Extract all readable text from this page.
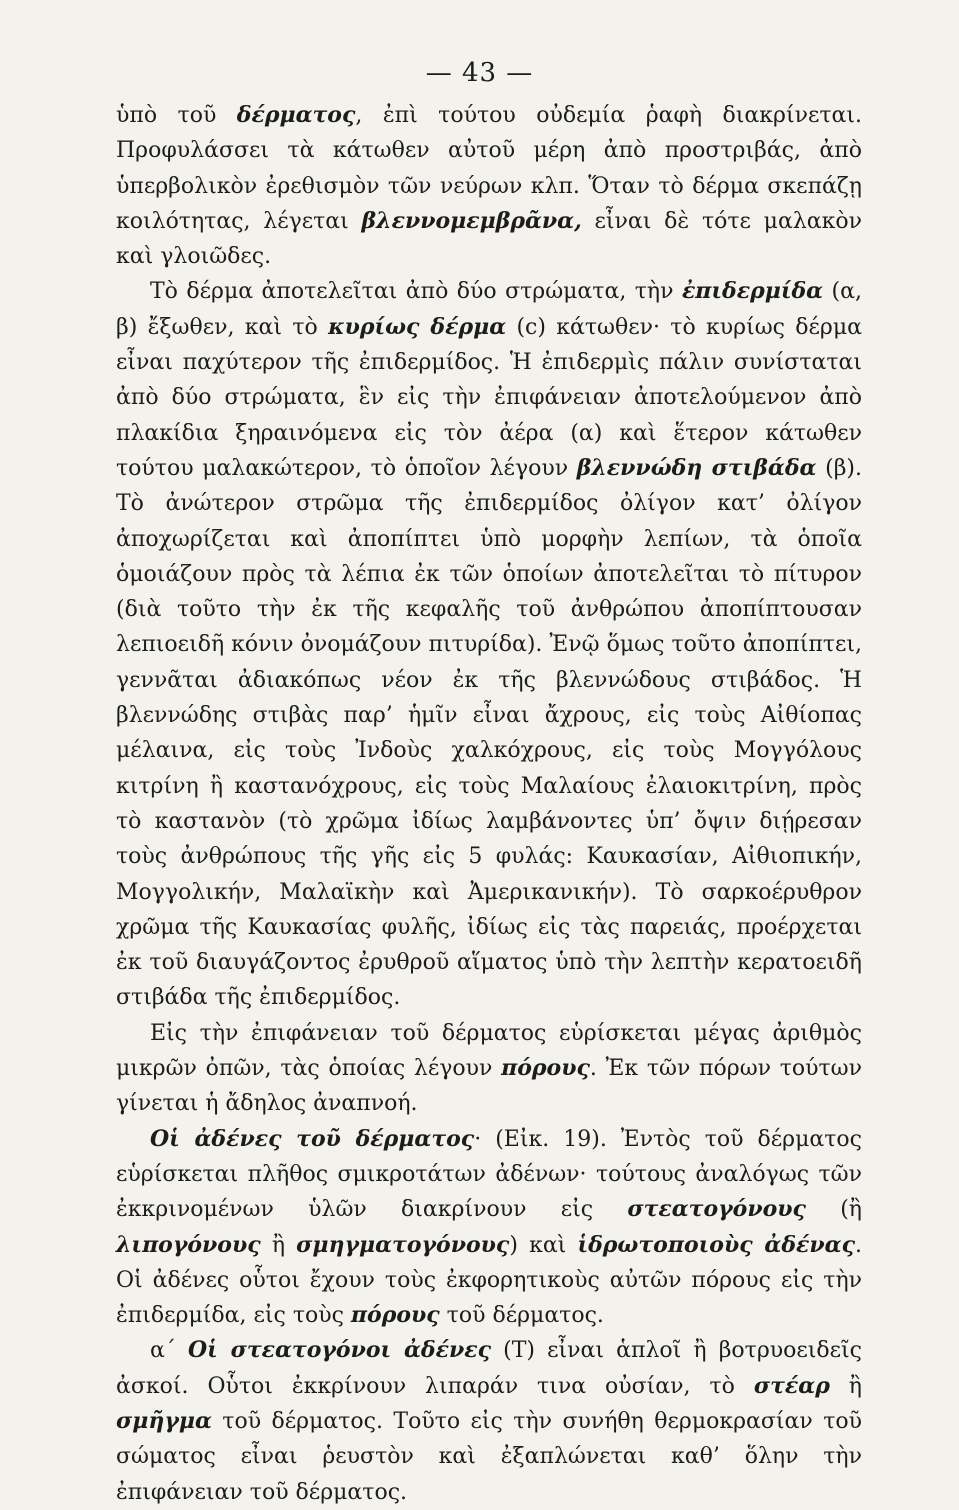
— 43 —

ὑπὸ τοῦ δέρματος, ἐπὶ τούτου οὐδεμία ῥαφὴ διακρίνεται. Προφυλάσσει τὰ κάτωθεν αὐτοῦ μέρη ἀπὸ προστριβάς, ἀπὸ ὑπερβολικὸν ἐρεθισμὸν τῶν νεύρων κλπ. Ὅταν τὸ δέρμα σκεπάζῃ κοιλότητας, λέγεται βλεννομεμβρᾶνα, εἶναι δὲ τότε μαλακὸν καὶ γλοιῶδες.

Τὸ δέρμα ἀποτελεῖται ἀπὸ δύο στρώματα, τὴν ἐπιδερμίδα (α, β) ἔξωθεν, καὶ τὸ κυρίως δέρμα (c) κάτωθεν· τὸ κυρίως δέρμα εἶναι παχύτερον τῆς ἐπιδερμίδος. Ἡ ἐπιδερμὶς πάλιν συνίσταται ἀπὸ δύο στρώματα, ἓν εἰς τὴν ἐπιφάνειαν ἀποτελούμενον ἀπὸ πλακίδια ξηραινόμενα εἰς τὸν ἀέρα (α) καὶ ἕτερον κάτωθεν τούτου μαλακώτερον, τὸ ὁποῖον λέγουν βλεννώδη στιβάδα (β). Τὸ ἀνώτερον στρῶμα τῆς ἐπιδερμίδος ὀλίγον κατ’ ὀλίγον ἀποχωρίζεται καὶ ἀποπίπτει ὑπὸ μορφὴν λεπίων, τὰ ὁποῖα ὁμοιάζουν πρὸς τὰ λέπια ἐκ τῶν ὁποίων ἀποτελεῖται τὸ πίτυρον (διὰ τοῦτο τὴν ἐκ τῆς κεφαλῆς τοῦ ἀνθρώπου ἀποπίπτουσαν λεπιοειδῆ κόνιν ὀνομάζουν πιτυρίδα). Ἐνῷ ὅμως τοῦτο ἀποπίπτει, γεννᾶται ἀδιακόπως νέον ἐκ τῆς βλεννώδους στιβάδος. Ἡ βλεννώδης στιβὰς παρ’ ἡμῖν εἶναι ἄχρους, εἰς τοὺς Αἰθίοπας μέλαινα, εἰς τοὺς Ἰνδοὺς χαλκόχρους, εἰς τοὺς Μογγόλους κιτρίνη ἢ καστανόχρους, εἰς τοὺς Μαλαίους ἐλαιοκιτρίνη, πρὸς τὸ καστανὸν (τὸ χρῶμα ἰδίως λαμβάνοντες ὑπ’ ὄψιν διῄρεσαν τοὺς ἀνθρώπους τῆς γῆς εἰς 5 φυλάς: Καυκασίαν, Αἰθιοπικήν, Μογγολικήν, Μαλαϊκὴν καὶ Ἀμερικανικήν). Τὸ σαρκοέρυθρον χρῶμα τῆς Καυκασίας φυλῆς, ἰδίως εἰς τὰς παρειάς, προέρχεται ἐκ τοῦ διαυγάζοντος ἐρυθροῦ αἵματος ὑπὸ τὴν λεπτὴν κερατοειδῆ στιβάδα τῆς ἐπιδερμίδος.

Εἰς τὴν ἐπιφάνειαν τοῦ δέρματος εὑρίσκεται μέγας ἀριθμὸς μικρῶν ὀπῶν, τὰς ὁποίας λέγουν πόρους. Ἐκ τῶν πόρων τούτων γίνεται ἡ ἄδηλος ἀναπνοή.

Οἱ ἀδένες τοῦ δέρματος· (Εἰκ. 19). Ἐντὸς τοῦ δέρματος εὑρίσκεται πλῆθος σμικροτάτων ἀδένων· τούτους ἀναλόγως τῶν ἐκκρινομένων ὑλῶν διακρίνουν εἰς στεατογόνους (ἢ λιπογόνους ἢ σμηγματογόνους) καὶ ἱδρωτοποιοὺς ἀδένας. Οἱ ἀδένες οὗτοι ἔχουν τοὺς ἐκφορητικοὺς αὐτῶν πόρους εἰς τὴν ἐπιδερμίδα, εἰς τοὺς πόρους τοῦ δέρματος.

α´ Οἱ στεατογόνοι ἀδένες (Τ) εἶναι ἁπλοῖ ἢ βοτρυοειδεῖς ἀσκοί. Οὗτοι ἐκκρίνουν λιπαράν τινα οὐσίαν, τὸ στέαρ ἢ σμῆγμα τοῦ δέρματος. Τοῦτο εἰς τὴν συνήθη θερμοκρασίαν τοῦ σώματος εἶναι ῥευστὸν καὶ ἐξαπλώνεται καθ’ ὅλην τὴν ἐπιφάνειαν τοῦ δέρματος.
